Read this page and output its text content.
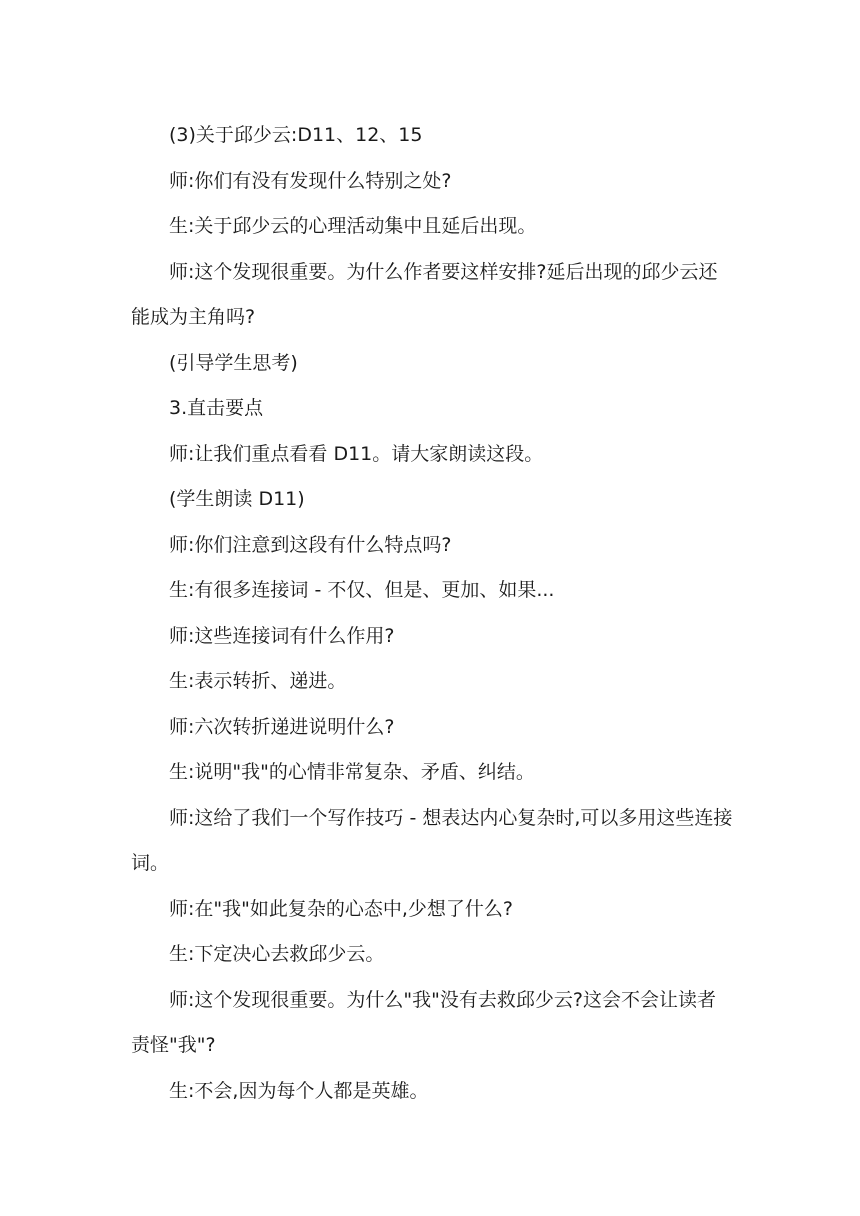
(3)关于邱少云:D11、12、15

师:你们有没有发现什么特别之处?

生:关于邱少云的心理活动集中且延后出现。

师:这个发现很重要。为什么作者要这样安排?延后出现的邱少云还能成为主角吗?

(引导学生思考)

3.直击要点

师:让我们重点看看 D11。请大家朗读这段。

(学生朗读 D11)

师:你们注意到这段有什么特点吗?

生:有很多连接词 - 不仅、但是、更加、如果...

师:这些连接词有什么作用?

生:表示转折、递进。

师:六次转折递进说明什么?

生:说明"我"的心情非常复杂、矛盾、纠结。

师:这给了我们一个写作技巧 - 想表达内心复杂时,可以多用这些连接词。

师:在"我"如此复杂的心态中,少想了什么?

生:下定决心去救邱少云。

师:这个发现很重要。为什么"我"没有去救邱少云?这会不会让读者责怪"我"?

生:不会,因为每个人都是英雄。
